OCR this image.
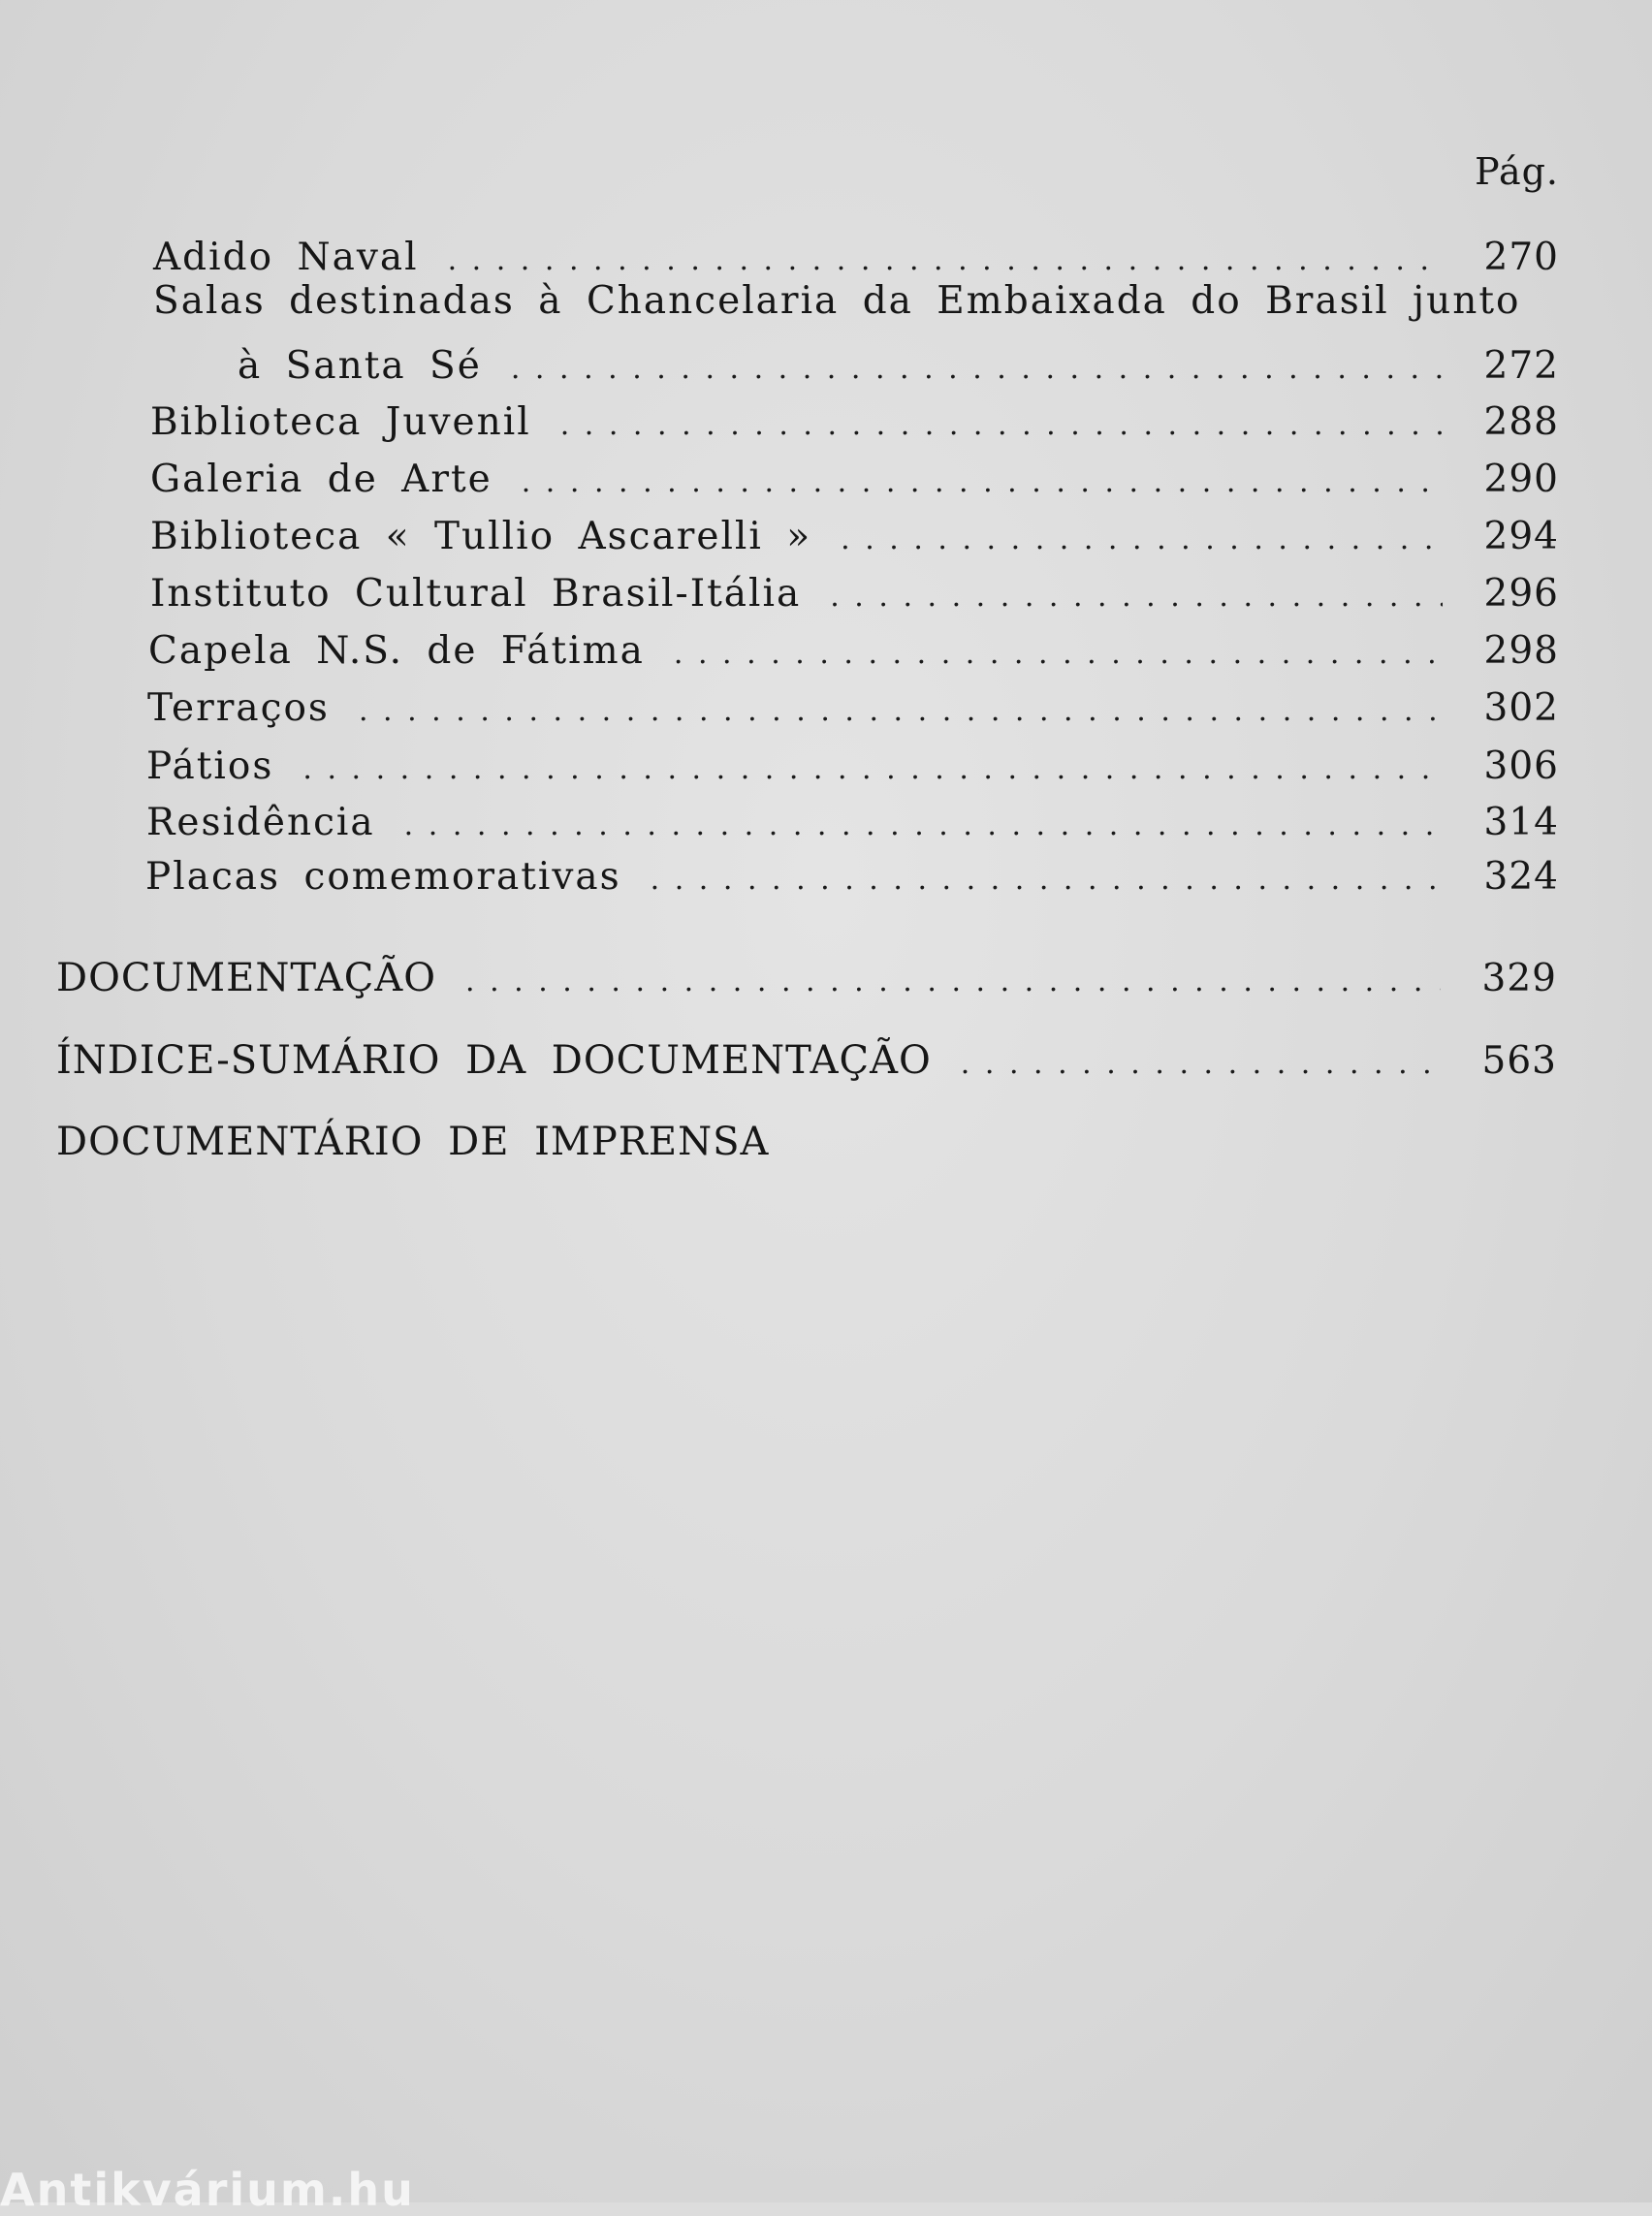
Pág.
Adido Naval . . .	270
Salas destinadas à Chancelaria da Embaixada do Brasil junto
à Santa Sé . . .	272
Biblioteca Juvenil . . .	288
Galeria de Arte . . .	290
Biblioteca « Tullio Ascarelli » . . .	294
Instituto Cultural Brasil-Itália . . .	296
Capela N.S. de Fátima . . .	298
Terraços . . .	302
Pátios . . .	306
Residência . . .	314
Placas comemorativas . . .	324
DOCUMENTAÇÃO . . .	329
ÍNDICE-SUMÁRIO DA DOCUMENTAÇÃO . . .	563
DOCUMENTÁRIO DE IMPRENSA
Antikvárium.hu
